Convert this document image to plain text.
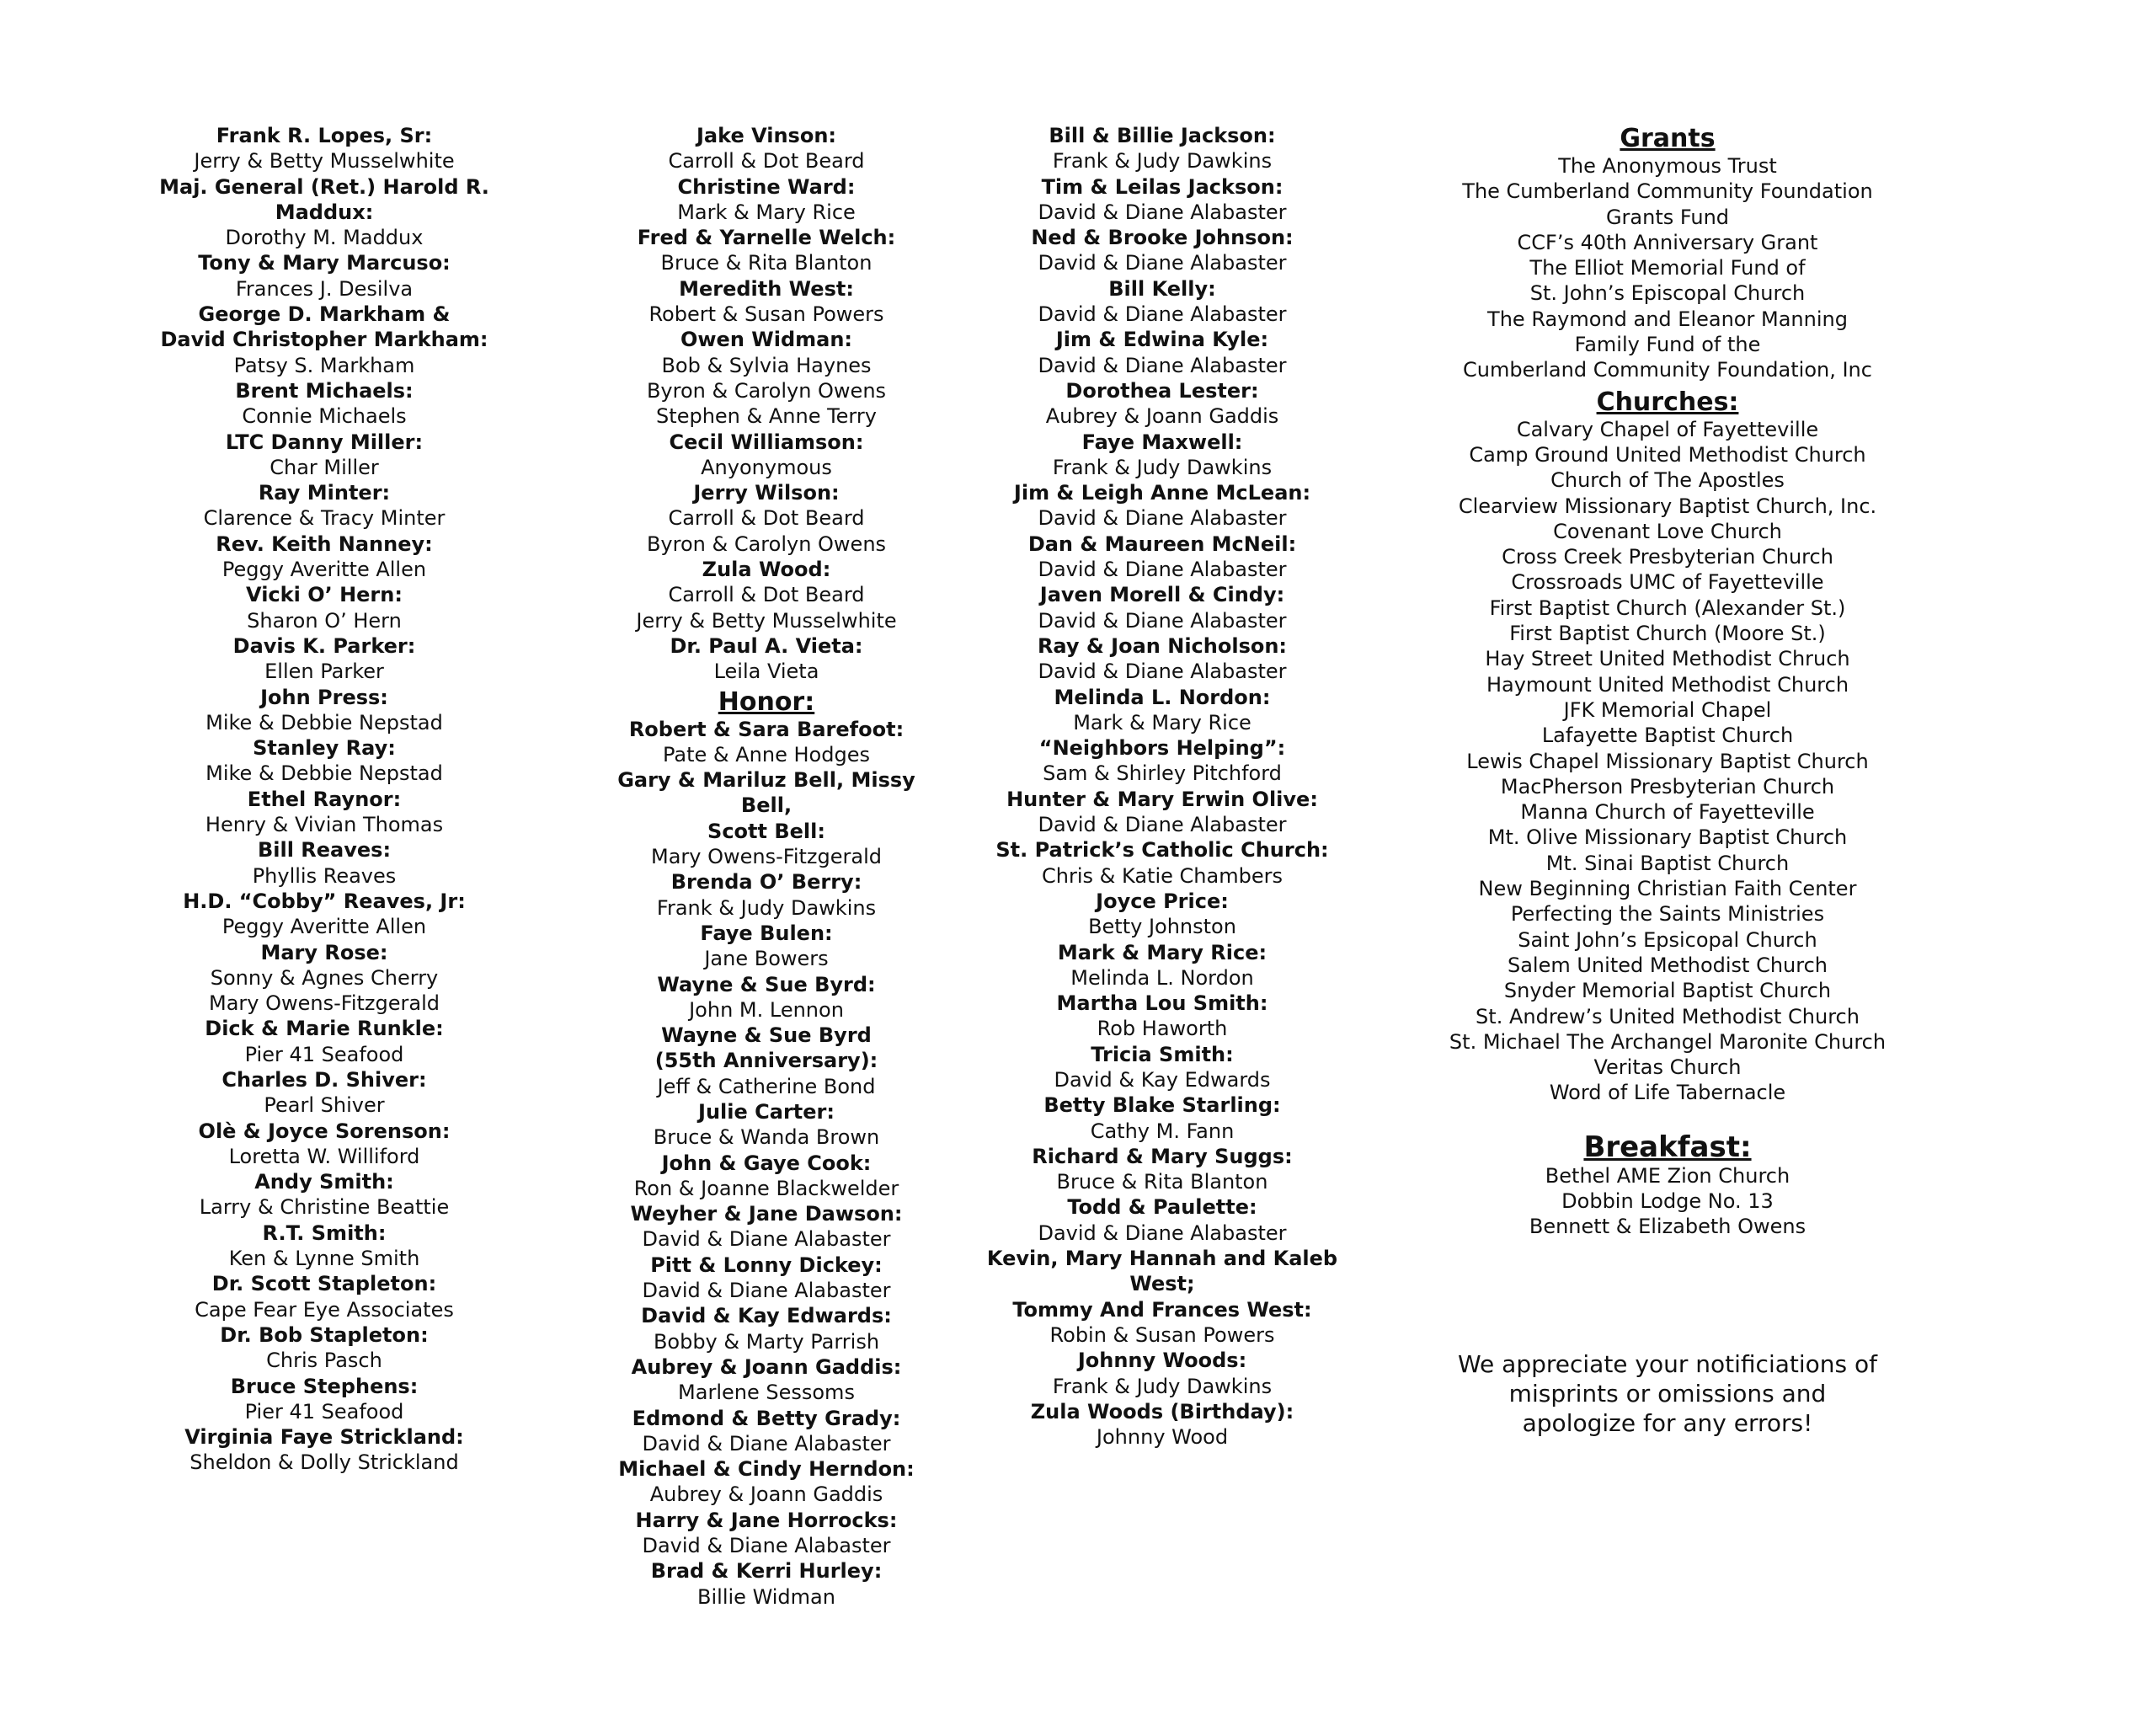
Frank R. Lopes, Sr:
Jerry & Betty Musselwhite
Maj. General (Ret.) Harold R.
Maddux:
Dorothy M. Maddux
Tony & Mary Marcuso:
Frances J. Desilva
George D. Markham &
David Christopher Markham:
Patsy S. Markham
Brent Michaels:
Connie Michaels
LTC Danny Miller:
Char Miller
Ray Minter:
Clarence & Tracy Minter
Rev. Keith Nanney:
Peggy Averitte Allen
Vicki O’ Hern:
Sharon O’ Hern
Davis K. Parker:
Ellen Parker
John Press:
Mike & Debbie Nepstad
Stanley Ray:
Mike & Debbie Nepstad
Ethel Raynor:
Henry & Vivian Thomas
Bill Reaves:
Phyllis Reaves
H.D. “Cobby” Reaves, Jr:
Peggy Averitte Allen
Mary Rose:
Sonny & Agnes Cherry
Mary Owens-Fitzgerald
Dick & Marie Runkle:
Pier 41 Seafood
Charles D. Shiver:
Pearl Shiver
Olè & Joyce Sorenson:
Loretta W. Williford
Andy Smith:
Larry & Christine Beattie
R.T. Smith:
Ken & Lynne Smith
Dr. Scott Stapleton:
Cape Fear Eye Associates
Dr. Bob Stapleton:
Chris Pasch
Bruce Stephens:
Pier 41 Seafood
Virginia Faye Strickland:
Sheldon & Dolly Strickland
Jake Vinson:
Carroll & Dot Beard
Christine Ward:
Mark & Mary Rice
Fred & Yarnelle Welch:
Bruce & Rita Blanton
Meredith West:
Robert & Susan Powers
Owen Widman:
Bob & Sylvia Haynes
Byron & Carolyn Owens
Stephen & Anne Terry
Cecil Williamson:
Anyonymous
Jerry Wilson:
Carroll & Dot Beard
Byron & Carolyn Owens
Zula Wood:
Carroll & Dot Beard
Jerry & Betty Musselwhite
Dr. Paul A. Vieta:
Leila Vieta
Honor:
Robert & Sara Barefoot:
Pate & Anne Hodges
Gary & Mariluz Bell, Missy Bell,
Scott Bell:
Mary Owens-Fitzgerald
Brenda O’ Berry:
Frank & Judy Dawkins
Faye Bulen:
Jane Bowers
Wayne & Sue Byrd:
John M. Lennon
Wayne & Sue Byrd
(55th Anniversary):
Jeff & Catherine Bond
Julie Carter:
Bruce & Wanda Brown
John & Gaye Cook:
Ron & Joanne Blackwelder
Weyher & Jane Dawson:
David & Diane Alabaster
Pitt & Lonny Dickey:
David & Diane Alabaster
David & Kay Edwards:
Bobby & Marty Parrish
Aubrey & Joann Gaddis:
Marlene Sessoms
Edmond & Betty Grady:
David & Diane Alabaster
Michael & Cindy Herndon:
Aubrey & Joann Gaddis
Harry & Jane Horrocks:
David & Diane Alabaster
Brad & Kerri Hurley:
Billie Widman
Bill & Billie Jackson:
Frank & Judy Dawkins
Tim & Leilas Jackson:
David & Diane Alabaster
Ned & Brooke Johnson:
David & Diane Alabaster
Bill Kelly:
David & Diane Alabaster
Jim & Edwina Kyle:
David & Diane Alabaster
Dorothea Lester:
Aubrey & Joann Gaddis
Faye Maxwell:
Frank & Judy Dawkins
Jim & Leigh Anne McLean:
David & Diane Alabaster
Dan & Maureen McNeil:
David & Diane Alabaster
Javen Morell & Cindy:
David & Diane Alabaster
Ray & Joan Nicholson:
David & Diane Alabaster
Melinda L. Nordon:
Mark & Mary Rice
“Neighbors Helping”:
Sam & Shirley Pitchford
Hunter & Mary Erwin Olive:
David & Diane Alabaster
St. Patrick’s Catholic Church:
Chris & Katie Chambers
Joyce Price:
Betty Johnston
Mark & Mary Rice:
Melinda L. Nordon
Martha Lou Smith:
Rob Haworth
Tricia Smith:
David & Kay Edwards
Betty Blake Starling:
Cathy M. Fann
Richard & Mary Suggs:
Bruce & Rita Blanton
Todd & Paulette:
David & Diane Alabaster
Kevin, Mary Hannah and Kaleb
West;
Tommy And Frances West:
Robin & Susan Powers
Johnny Woods:
Frank & Judy Dawkins
Zula Woods (Birthday):
Johnny Wood
Grants
The Anonymous Trust
The Cumberland Community Foundation
Grants Fund
CCF’s 40th Anniversary Grant
The Elliot Memorial Fund of
St. John’s Episcopal Church
The Raymond and Eleanor Manning
Family Fund of the
Cumberland Community Foundation, Inc
Churches:
Calvary Chapel of Fayetteville
Camp Ground United Methodist Church
Church of The Apostles
Clearview Missionary Baptist Church, Inc.
Covenant Love Church
Cross Creek Presbyterian Church
Crossroads UMC of Fayetteville
First Baptist Church (Alexander St.)
First Baptist Church (Moore St.)
Hay Street United Methodist Chruch
Haymount United Methodist Church
JFK Memorial Chapel
Lafayette Baptist Church
Lewis Chapel Missionary Baptist Church
MacPherson Presbyterian Church
Manna Church of Fayetteville
Mt. Olive Missionary Baptist Church
Mt. Sinai Baptist Church
New Beginning Christian Faith Center
Perfecting the Saints Ministries
Saint John’s Epsicopal Church
Salem United Methodist Church
Snyder Memorial Baptist Church
St. Andrew’s United Methodist Church
St. Michael The Archangel Maronite Church
Veritas Church
Word of Life Tabernacle
Breakfast:
Bethel AME Zion Church
Dobbin Lodge No. 13
Bennett & Elizabeth Owens
We appreciate your notificiations of
misprints or omissions and
apologize for any errors!
